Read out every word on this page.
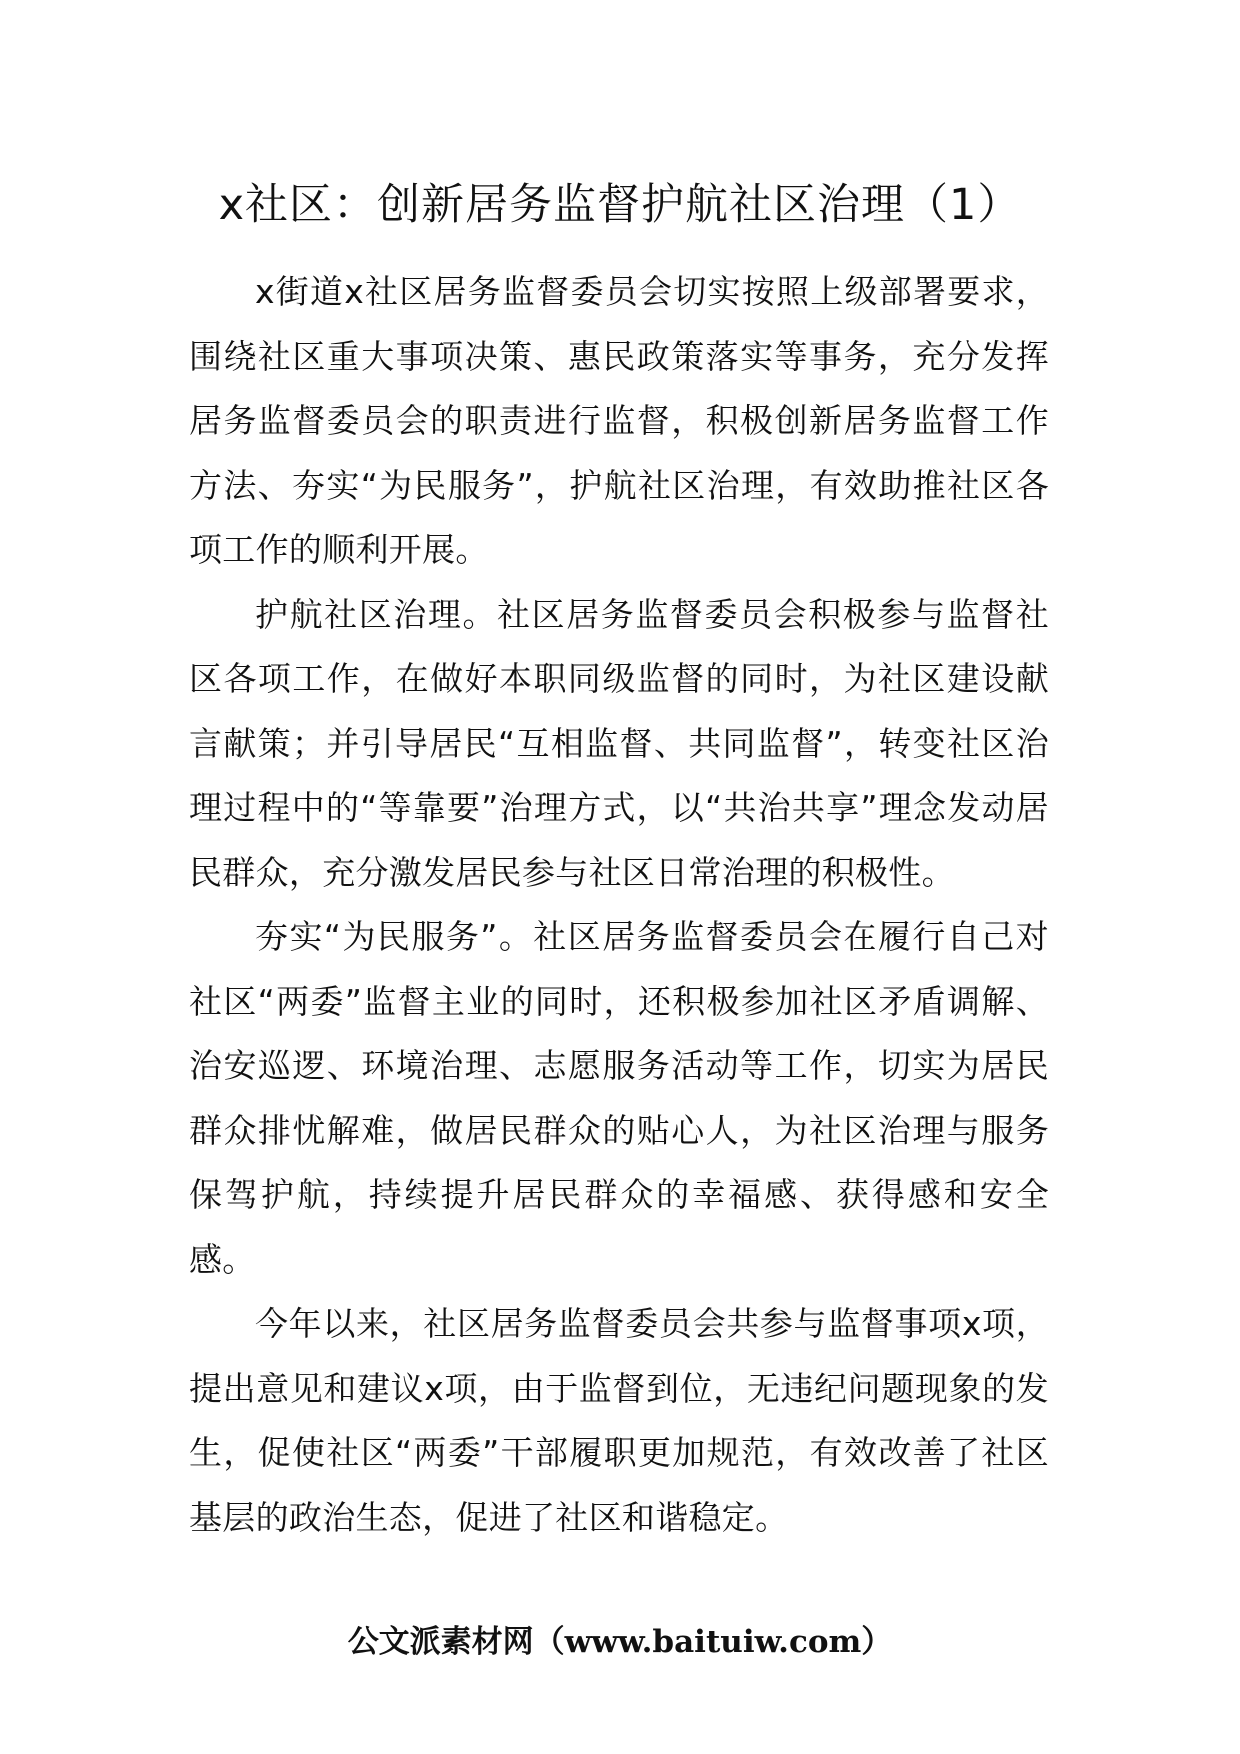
x社区：创新居务监督护航社区治理（1）

x街道x社区居务监督委员会切实按照上级部署要求，围绕社区重大事项决策、惠民政策落实等事务，充分发挥居务监督委员会的职责进行监督，积极创新居务监督工作方法、夯实“为民服务”，护航社区治理，有效助推社区各项工作的顺利开展。

护航社区治理。社区居务监督委员会积极参与监督社区各项工作，在做好本职同级监督的同时，为社区建设献言献策；并引导居民“互相监督、共同监督”，转变社区治理过程中的“等靠要”治理方式，以“共治共享”理念发动居民群众，充分激发居民参与社区日常治理的积极性。

夯实“为民服务”。社区居务监督委员会在履行自己对社区“两委”监督主业的同时，还积极参加社区矛盾调解、治安巡逻、环境治理、志愿服务活动等工作，切实为居民群众排忧解难，做居民群众的贴心人，为社区治理与服务保驾护航，持续提升居民群众的幸福感、获得感和安全感。

今年以来，社区居务监督委员会共参与监督事项x项，提出意见和建议x项，由于监督到位，无违纪问题现象的发生，促使社区“两委”干部履职更加规范，有效改善了社区基层的政治生态，促进了社区和谐稳定。

公文派素材网（www.baituiw.com）
